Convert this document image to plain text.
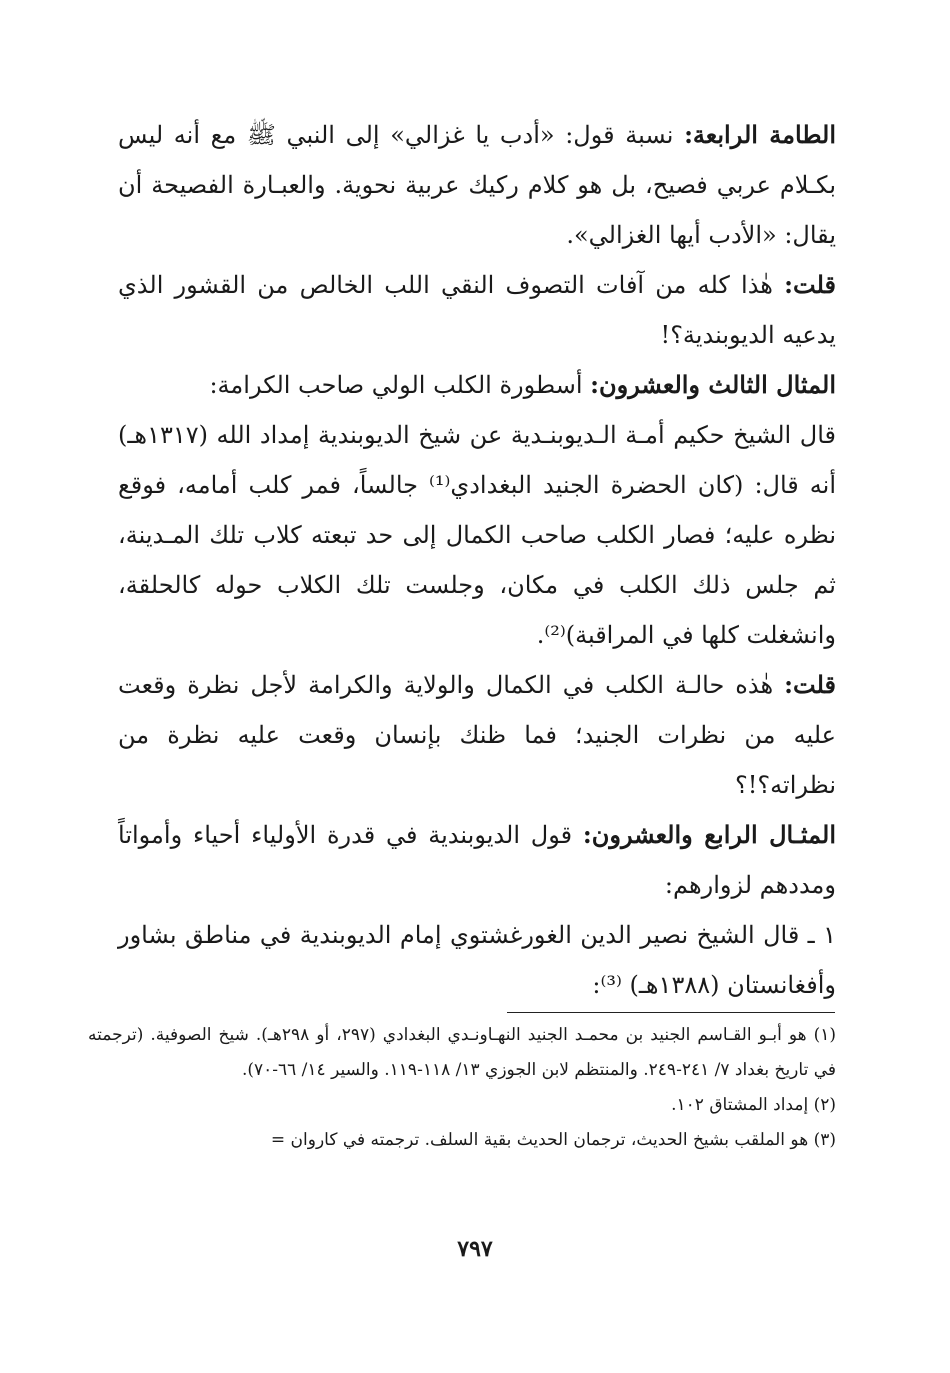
الطامة الرابعة: نسبة قول: «أدب يا غزالي» إلى النبي ﷺ مع أنه ليس بكـلام عربي فصيح، بل هو كلام ركيك عربية نحوية. والعبـارة الفصيحة أن يقال: «الأدب أيها الغزالي».

قلت: هٰذا كله من آفات التصوف النقي اللب الخالص من القشور الذي يدعيه الديوبندية؟!

المثال الثالث والعشرون: أسطورة الكلب الولي صاحب الكرامة:

قال الشيخ حكيم أمـة الـديوبنـدية عن شيخ الديوبندية إمداد الله (١٣١٧هـ) أنه قال: (كان الحضرة الجنيد البغدادي⁽¹⁾ جالساً، فمر كلب أمامه، فوقع نظره عليه؛ فصار الكلب صاحب الكمال إلى حد تبعته كلاب تلك المـدينة، ثم جلس ذلك الكلب في مكان، وجلست تلك الكلاب حوله كالحلقة، وانشغلت كلها في المراقبة)⁽²⁾.

قلت: هٰذه حالـة الكلب في الكمال والولاية والكرامة لأجل نظرة وقعت عليه من نظرات الجنيد؛ فما ظنك بإنسان وقعت عليه نظرة من نظراته؟!؟

المثـال الرابع والعشرون: قول الديوبندية في قدرة الأولياء أحياء وأمواتاً ومددهم لزوارهم:

١ ـ قال الشيخ نصير الدين الغورغشتوي إمام الديوبندية في مناطق بشاور وأفغانستان (١٣٨٨هـ) ⁽³⁾:

(١) هو أبـو القـاسم الجنيد بن محمـد الجنيد النهـاونـدي البغدادي (٢٩٧، أو ٢٩٨هـ). شيخ الصوفية. (ترجمته في تاريخ بغداد ٧/ ٢٤١-٢٤٩. والمنتظم لابن الجوزي ١٣/ ١١٨-١١٩. والسير ١٤/ ٦٦-٧٠).

(٢) إمداد المشتاق ١٠٢.

(٣) هو الملقب بشيخ الحديث، ترجمان الحديث بقية السلف. ترجمته في كاروان =

٧٩٧
